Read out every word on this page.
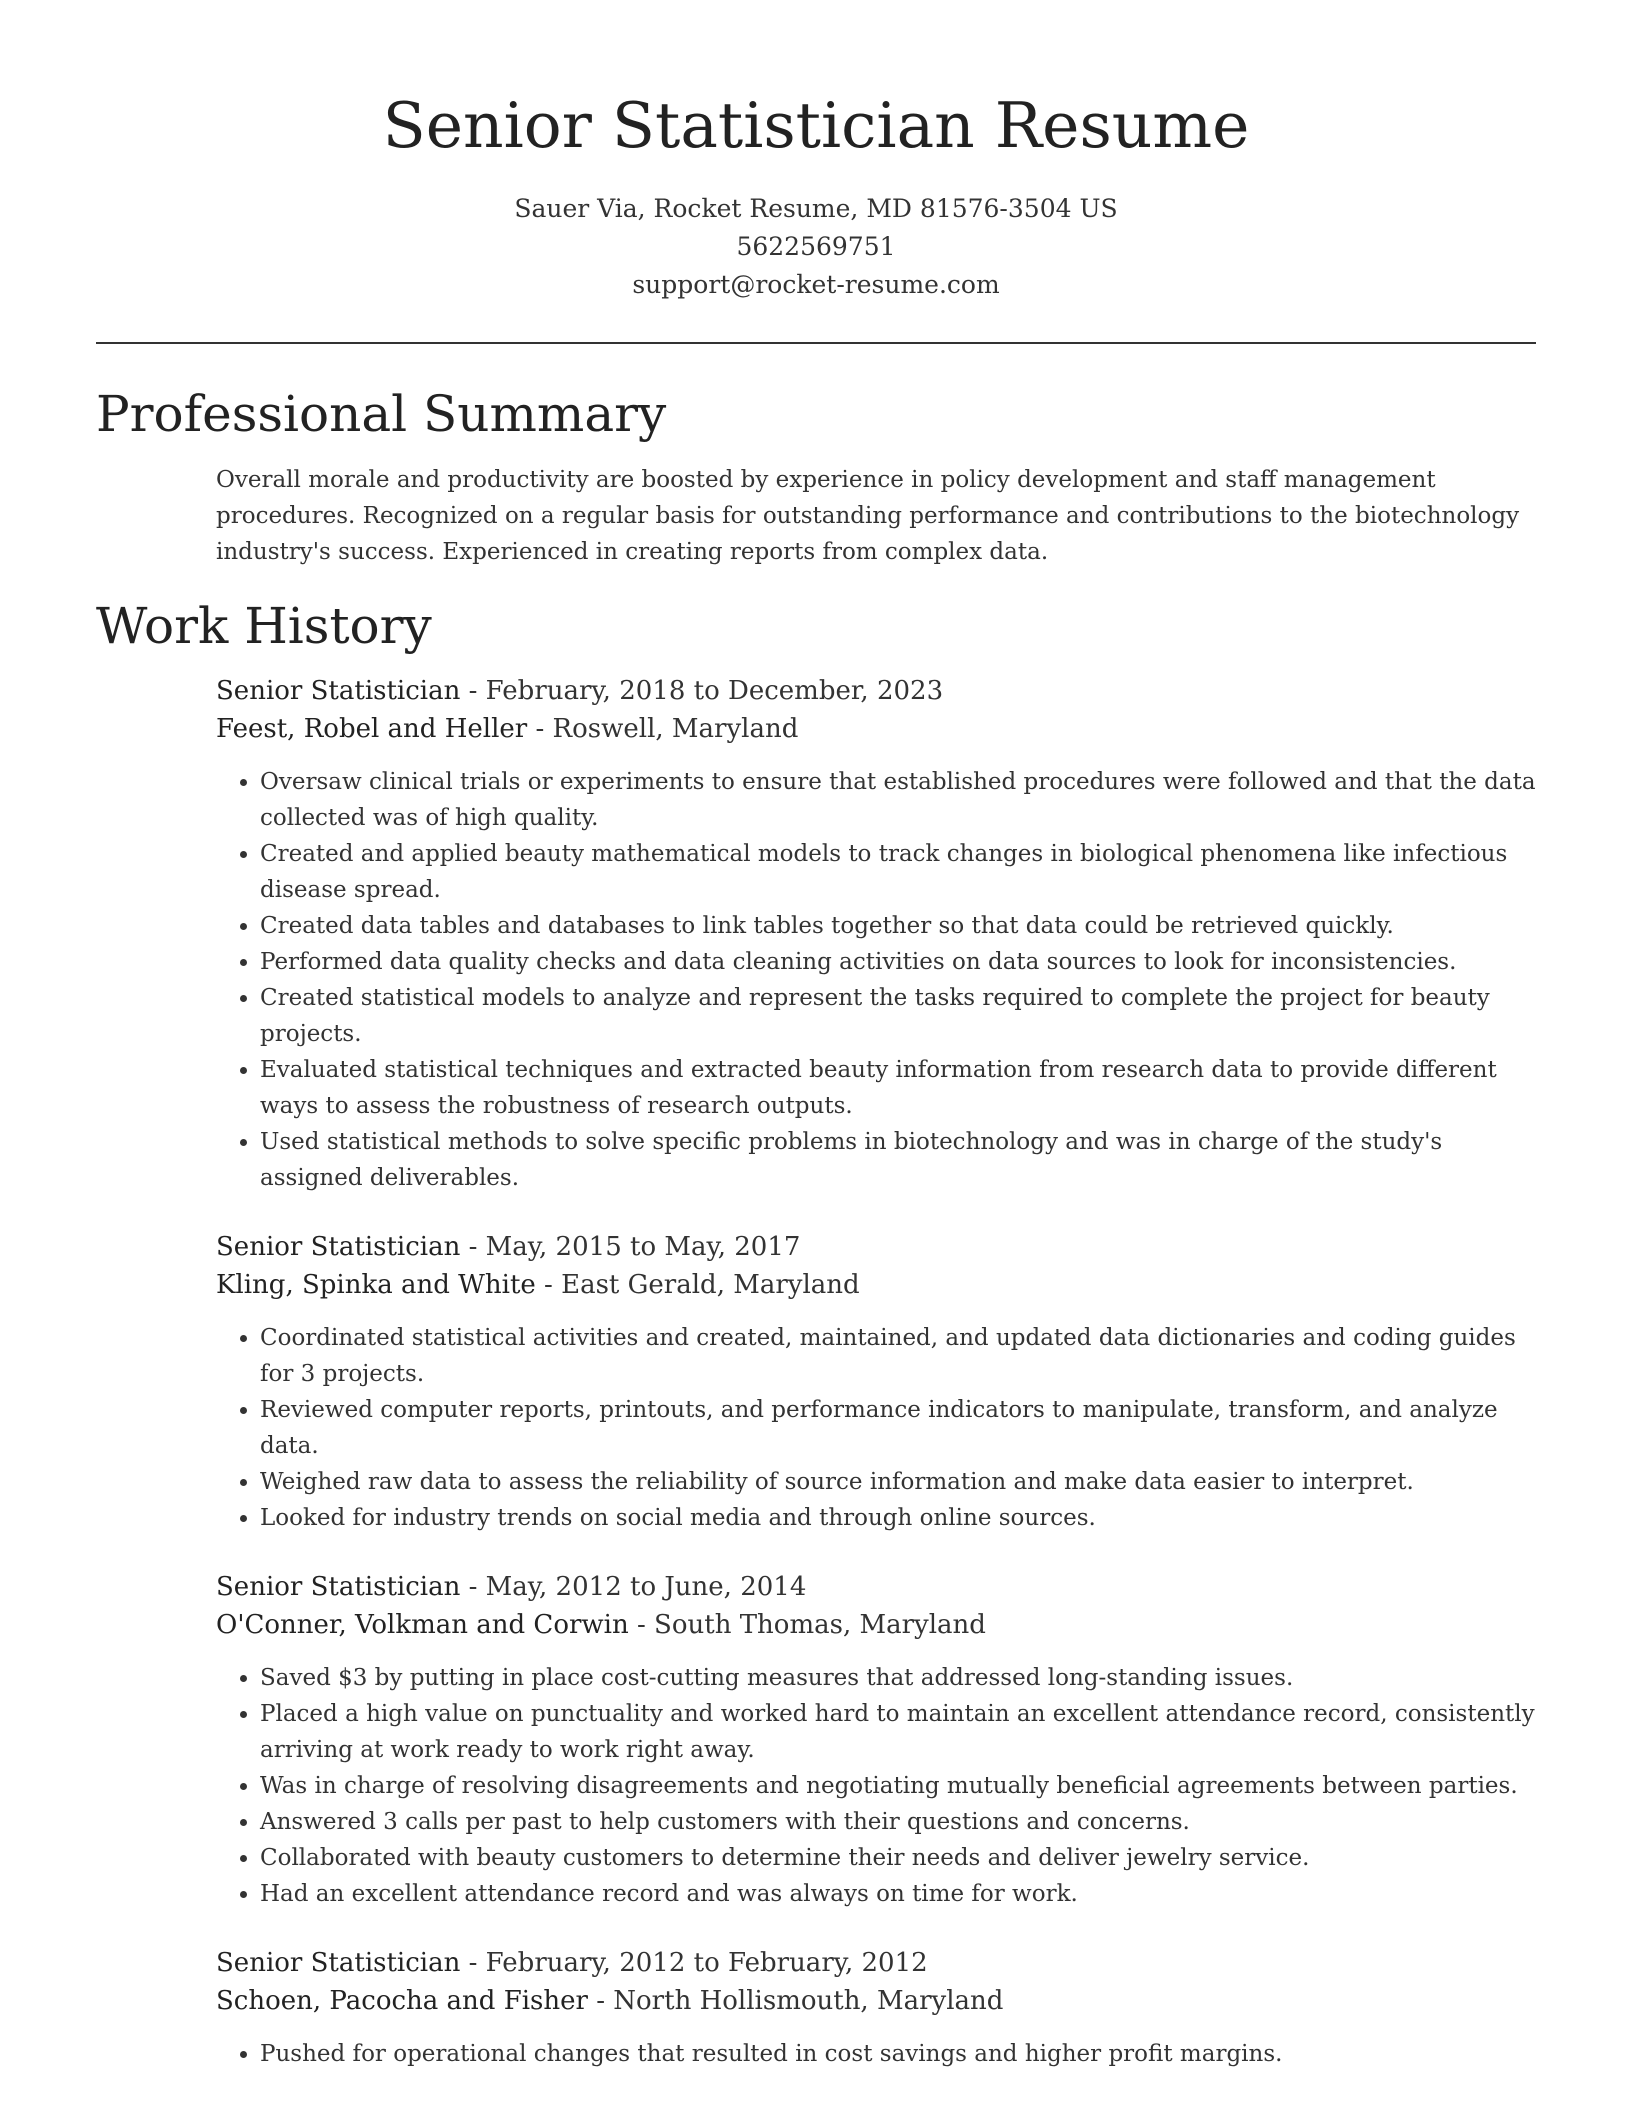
Senior Statistician Resume
Sauer Via, Rocket Resume, MD 81576-3504 US
5622569751
support@rocket-resume.com
Professional Summary
Overall morale and productivity are boosted by experience in policy development and staff management procedures. Recognized on a regular basis for outstanding performance and contributions to the biotechnology industry's success. Experienced in creating reports from complex data.
Work History
Senior Statistician - February, 2018 to December, 2023
Feest, Robel and Heller - Roswell, Maryland
• Oversaw clinical trials or experiments to ensure that established procedures were followed and that the data collected was of high quality.
• Created and applied beauty mathematical models to track changes in biological phenomena like infectious disease spread.
• Created data tables and databases to link tables together so that data could be retrieved quickly.
• Performed data quality checks and data cleaning activities on data sources to look for inconsistencies.
• Created statistical models to analyze and represent the tasks required to complete the project for beauty projects.
• Evaluated statistical techniques and extracted beauty information from research data to provide different ways to assess the robustness of research outputs.
• Used statistical methods to solve specific problems in biotechnology and was in charge of the study's assigned deliverables.
Senior Statistician - May, 2015 to May, 2017
Kling, Spinka and White - East Gerald, Maryland
• Coordinated statistical activities and created, maintained, and updated data dictionaries and coding guides for 3 projects.
• Reviewed computer reports, printouts, and performance indicators to manipulate, transform, and analyze data.
• Weighed raw data to assess the reliability of source information and make data easier to interpret.
• Looked for industry trends on social media and through online sources.
Senior Statistician - May, 2012 to June, 2014
O'Conner, Volkman and Corwin - South Thomas, Maryland
• Saved $3 by putting in place cost-cutting measures that addressed long-standing issues.
• Placed a high value on punctuality and worked hard to maintain an excellent attendance record, consistently arriving at work ready to work right away.
• Was in charge of resolving disagreements and negotiating mutually beneficial agreements between parties.
• Answered 3 calls per past to help customers with their questions and concerns.
• Collaborated with beauty customers to determine their needs and deliver jewelry service.
• Had an excellent attendance record and was always on time for work.
Senior Statistician - February, 2012 to February, 2012
Schoen, Pacocha and Fisher - North Hollismouth, Maryland
• Pushed for operational changes that resulted in cost savings and higher profit margins.
